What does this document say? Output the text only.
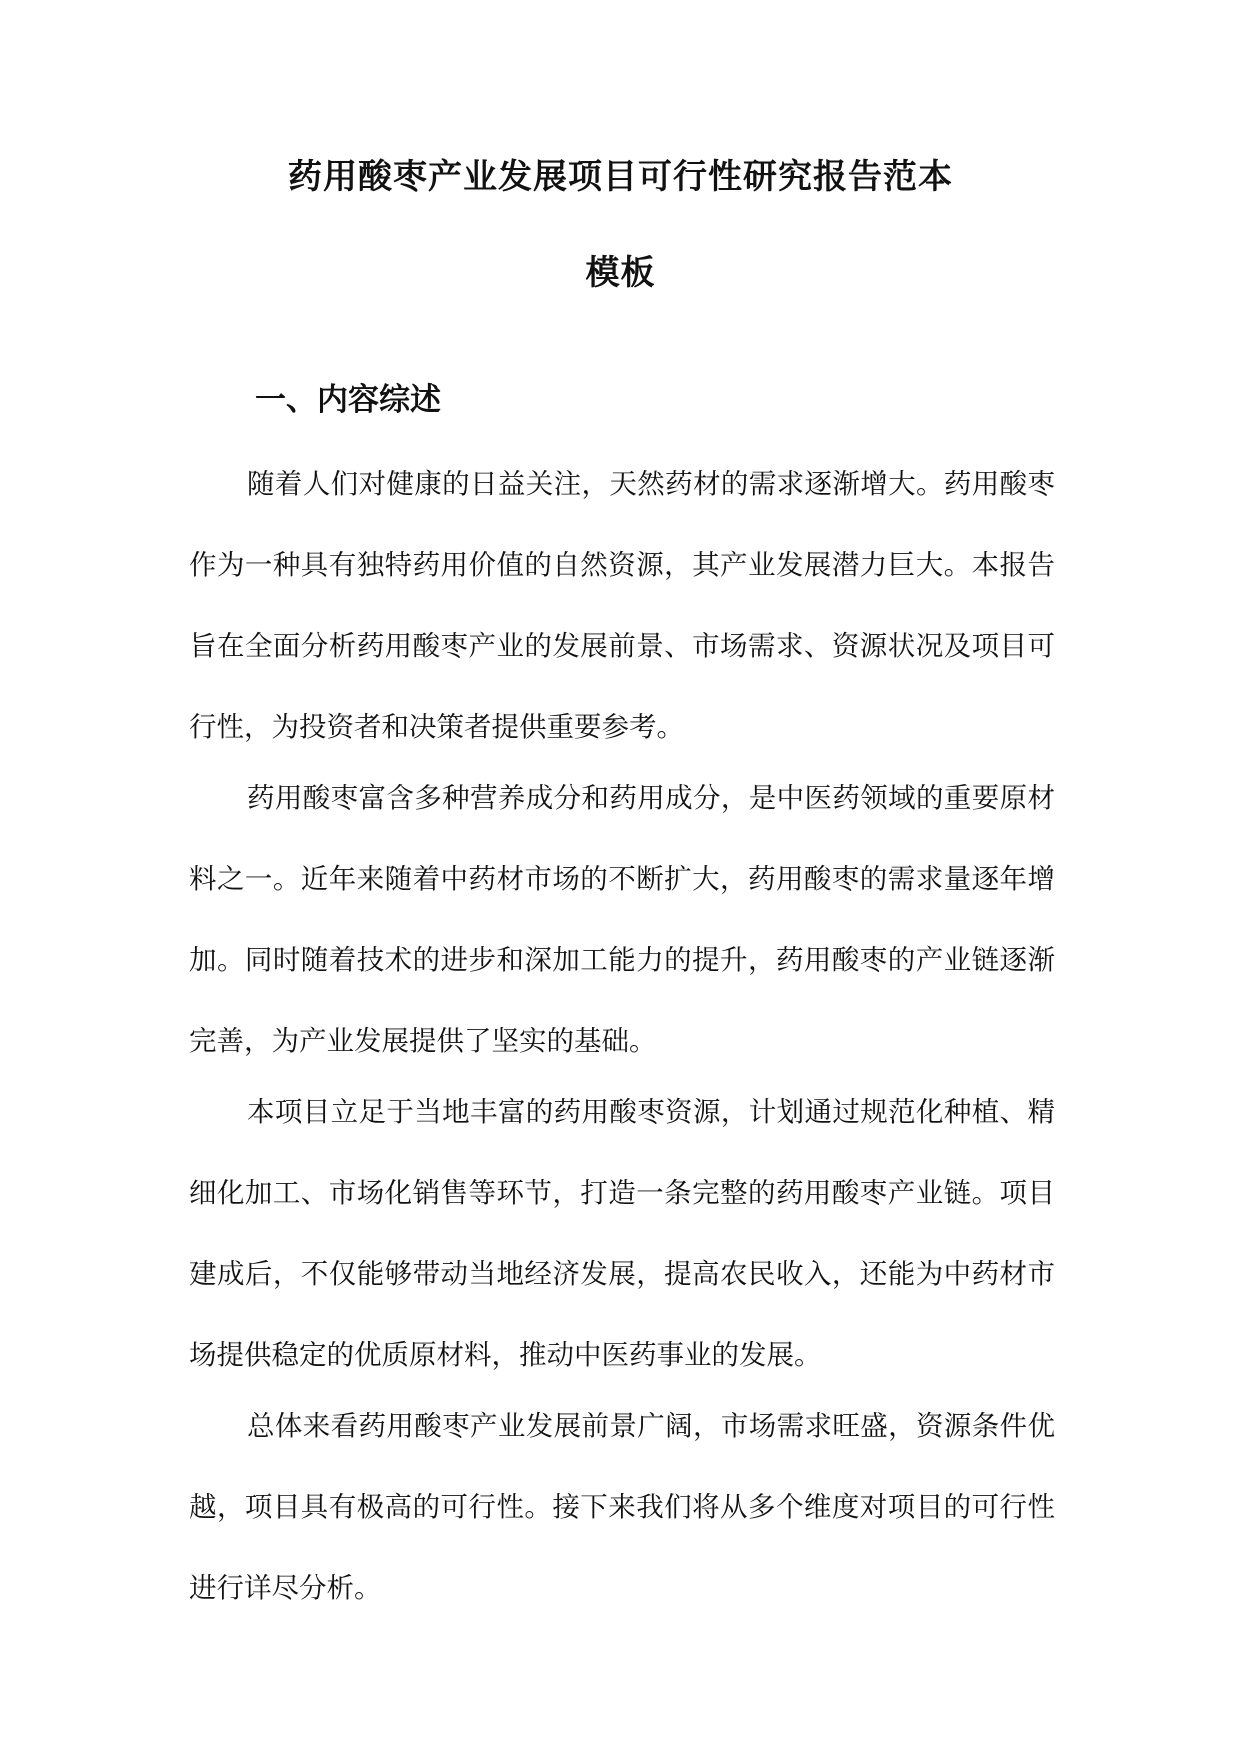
药用酸枣产业发展项目可行性研究报告范本
模板
一、内容综述

随着人们对健康的日益关注，天然药材的需求逐渐增大。药用酸枣作为一种具有独特药用价值的自然资源，其产业发展潜力巨大。本报告旨在全面分析药用酸枣产业的发展前景、市场需求、资源状况及项目可行性，为投资者和决策者提供重要参考。

药用酸枣富含多种营养成分和药用成分，是中医药领域的重要原材料之一。近年来随着中药材市场的不断扩大，药用酸枣的需求量逐年增加。同时随着技术的进步和深加工能力的提升，药用酸枣的产业链逐渐完善，为产业发展提供了坚实的基础。

本项目立足于当地丰富的药用酸枣资源，计划通过规范化种植、精细化加工、市场化销售等环节，打造一条完整的药用酸枣产业链。项目建成后，不仅能够带动当地经济发展，提高农民收入，还能为中药材市场提供稳定的优质原材料，推动中医药事业的发展。

总体来看药用酸枣产业发展前景广阔，市场需求旺盛，资源条件优越，项目具有极高的可行性。接下来我们将从多个维度对项目的可行性进行详尽分析。
